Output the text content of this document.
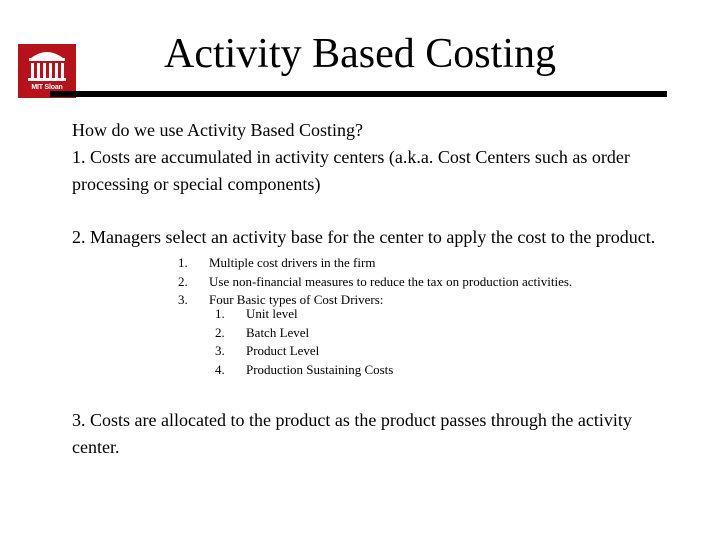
MIT Sloan
Activity Based Costing
How do we use Activity Based Costing?
1. Costs are accumulated in activity centers (a.k.a. Cost Centers such as order
processing or special components)
2. Managers select an activity base for the center to apply the cost to the product.
1. Multiple cost drivers in the firm
2. Use non-financial measures to reduce the tax on production activities.
3. Four Basic types of Cost Drivers:
1. Unit level
2. Batch Level
3. Product Level
4. Production Sustaining Costs
3. Costs are allocated to the product as the product passes through the activity
center.
